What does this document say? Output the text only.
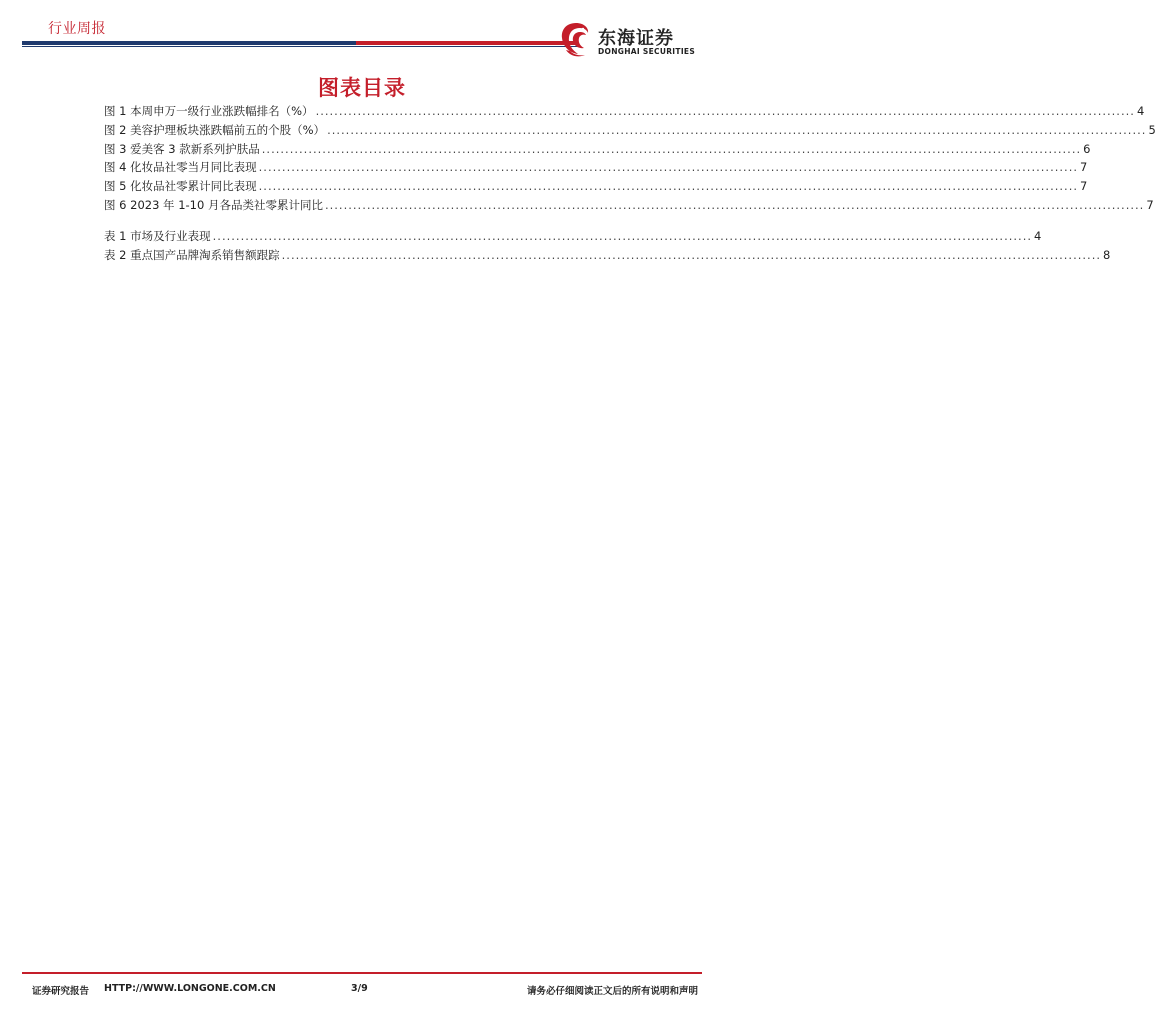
行业周报	东海证券
DONGHAI SECURITIES
图表目录
图 1 本周申万一级行业涨跌幅排名（%） ................................................................................................................................................................................ 4
图 2 美容护理板块涨跌幅前五的个股（%） ................................................................................................................................................................................ 5
图 3 爱美客 3 款新系列护肤品 ................................................................................................................................................................................ 6
图 4 化妆品社零当月同比表现 ................................................................................................................................................................................ 7
图 5 化妆品社零累计同比表现 ................................................................................................................................................................................ 7
图 6 2023 年 1-10 月各品类社零累计同比 ................................................................................................................................................................................ 7
表 1 市场及行业表现 ................................................................................................................................................................................ 4
表 2 重点国产品牌淘系销售额跟踪 ................................................................................................................................................................................ 8
证券研究报告 HTTP://WWW.LONGONE.COM.CN	3/9	请务必仔细阅读正文后的所有说明和声明
